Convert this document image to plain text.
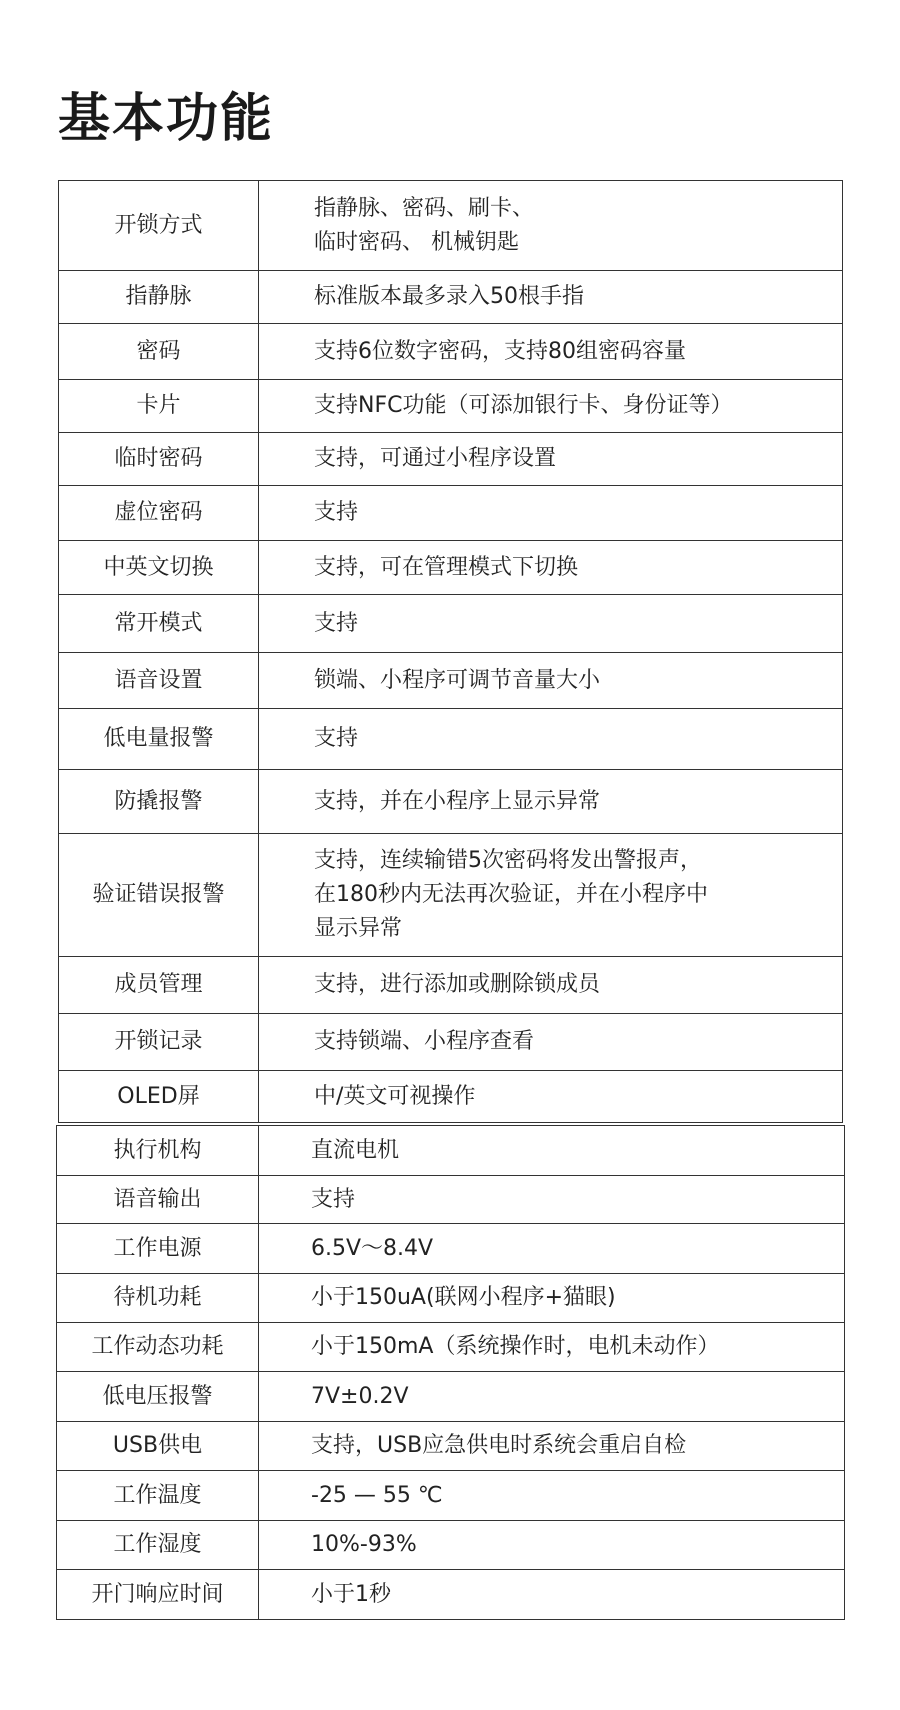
基本功能
开锁方式	指静脉、密码、刷卡、
临时密码、 机械钥匙

指静脉	标准版本最多录入50根手指

密码	支持6位数字密码，支持80组密码容量

卡片	支持NFC功能（可添加银行卡、身份证等）

临时密码	支持，可通过小程序设置

虚位密码	支持

中英文切换	支持，可在管理模式下切换

常开模式	支持

语音设置	锁端、小程序可调节音量大小

低电量报警	支持

防撬报警	支持，并在小程序上显示异常

验证错误报警	支持，连续输错5次密码将发出警报声，
在180秒内无法再次验证，并在小程序中
显示异常

成员管理	支持，进行添加或删除锁成员

开锁记录	支持锁端、小程序查看

OLED屏	中/英文可视操作
执行机构	直流电机
语音输出	支持
工作电源	6.5V～8.4V
待机功耗	小于150uA(联网小程序+猫眼)
工作动态功耗	小于150mA（系统操作时，电机未动作）
低电压报警	7V±0.2V
USB供电	支持，USB应急供电时系统会重启自检
工作温度	-25 — 55 ℃
工作湿度	10%-93%
开门响应时间	小于1秒
